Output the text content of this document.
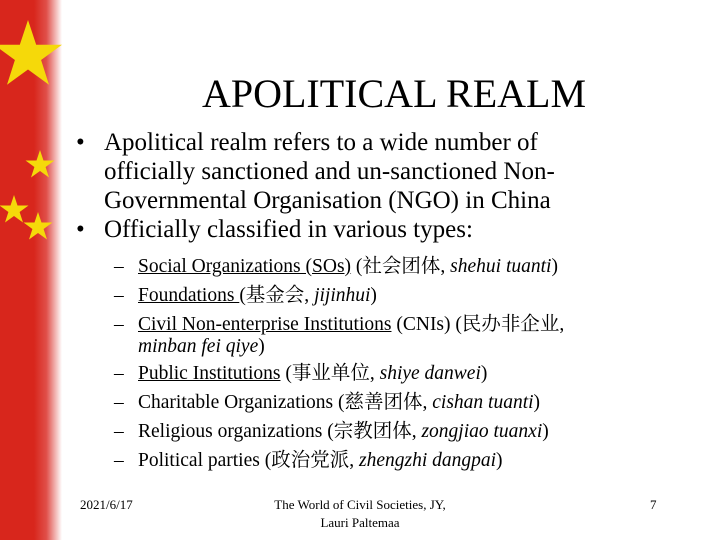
APOLITICAL REALM
• Apolitical realm refers to a wide number of
officially sanctioned and un-sanctioned Non-
Governmental Organisation (NGO) in China
• Officially classified in various types:
– Social Organizations (SOs) (社会团体, shehui tuanti)
– Foundations (基金会, jijinhui)
– Civil Non-enterprise Institutions (CNIs) (民办非企业,
minban fei qiye)
– Public Institutions (事业单位, shiye danwei)
– Charitable Organizations (慈善团体, cishan tuanti)
– Religious organizations (宗教团体, zongjiao tuanxi)
– Political parties (政治党派, zhengzhi dangpai)
2021/6/17	The World of Civil Societies, JY,
Lauri Paltemaa
7
